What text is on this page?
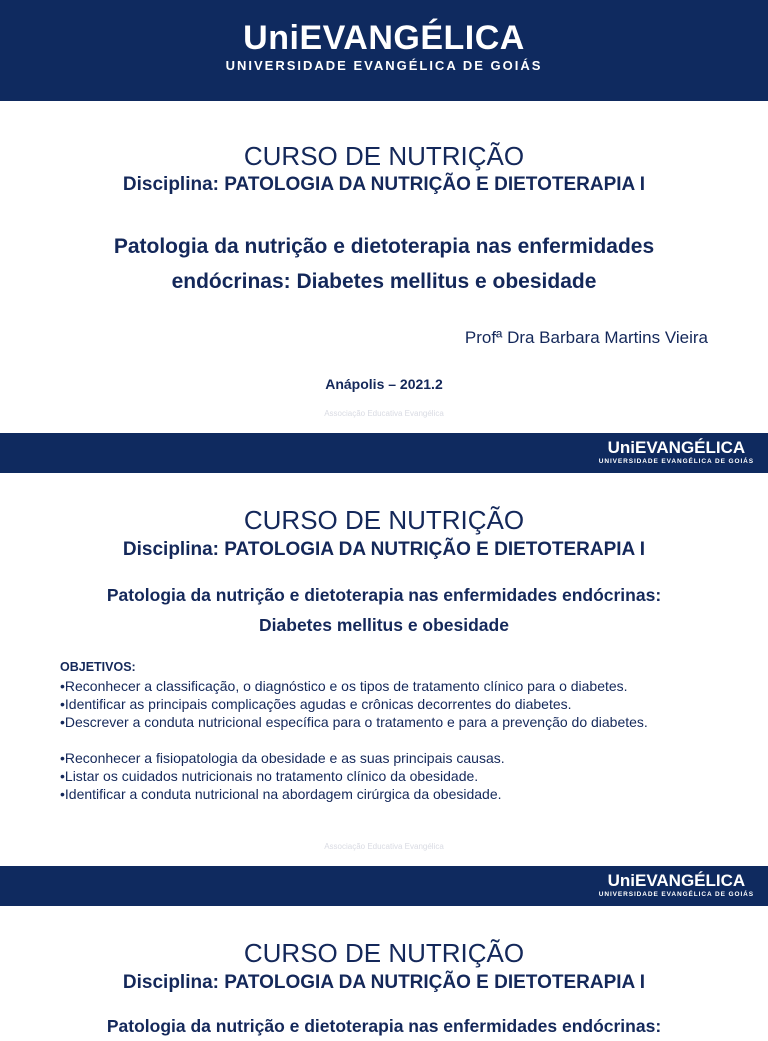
UniEVANGÉLICA
UNIVERSIDADE EVANGÉLICA DE GOIÁS
CURSO DE NUTRIÇÃO
Disciplina: PATOLOGIA DA NUTRIÇÃO E DIETOTERAPIA I
Patologia da nutrição e dietoterapia nas enfermidades
endócrinas: Diabetes mellitus e obesidade
Profª Dra Barbara Martins Vieira
Anápolis – 2021.2
Associação Educativa Evangélica
UniEVANGÉLICA
UNIVERSIDADE EVANGÉLICA DE GOIÁS
CURSO DE NUTRIÇÃO
Disciplina: PATOLOGIA DA NUTRIÇÃO E DIETOTERAPIA I
Patologia da nutrição e dietoterapia nas enfermidades endócrinas:
Diabetes mellitus e obesidade
OBJETIVOS:
• Reconhecer a classificação, o diagnóstico e os tipos de tratamento clínico para o diabetes.
• Identificar as principais complicações agudas e crônicas decorrentes do diabetes.
• Descrever a conduta nutricional específica para o tratamento e para a prevenção do diabetes.
• Reconhecer a fisiopatologia da obesidade e as suas principais causas.
• Listar os cuidados nutricionais no tratamento clínico da obesidade.
• Identificar a conduta nutricional na abordagem cirúrgica da obesidade.
Associação Educativa Evangélica
UniEVANGÉLICA
UNIVERSIDADE EVANGÉLICA DE GOIÁS
CURSO DE NUTRIÇÃO
Disciplina: PATOLOGIA DA NUTRIÇÃO E DIETOTERAPIA I
Patologia da nutrição e dietoterapia nas enfermidades endócrinas:
